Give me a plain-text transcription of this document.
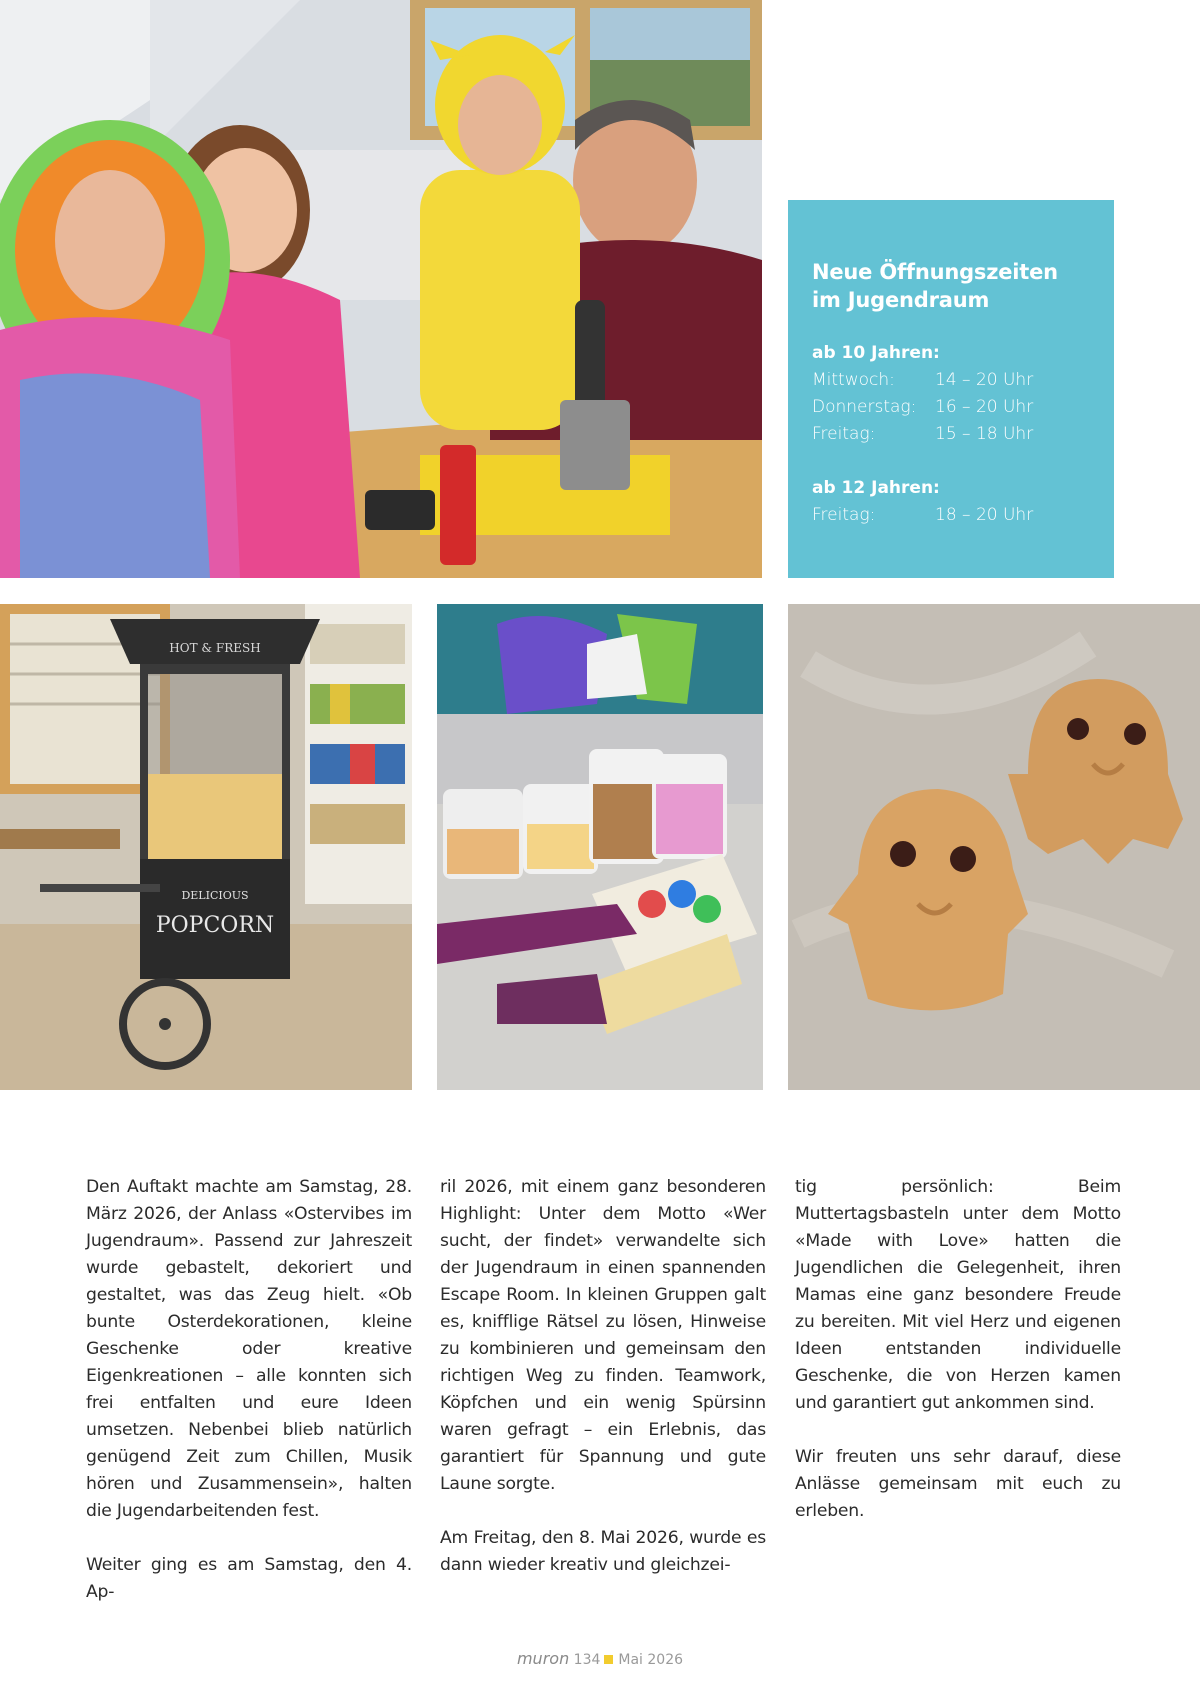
Neue Öffnungszeiten
im Jugendraum

ab 10 Jahren:

Mittwoch:	14 – 20 Uhr
Donnerstag:	16 – 20 Uhr
Freitag:	15 – 18 Uhr

ab 12 Jahren:

Freitag:	18 – 20 Uhr
HOT & FRESH
DELICIOUS
POPCORN

Den Auftakt machte am Samstag, 28. März 2026, der Anlass «Ostervibes im Jugendraum». Passend zur Jahreszeit wurde gebastelt, dekoriert und gestaltet, was das Zeug hielt. «Ob bunte Osterdekorationen, kleine Geschenke oder kreative Eigenkreationen – alle konnten sich frei entfalten und eure Ideen umsetzen. Nebenbei blieb natürlich genügend Zeit zum Chillen, Musik hören und Zusammensein», halten die Jugendarbeitenden fest.

Weiter ging es am Samstag, den 4. Ap-

ril 2026, mit einem ganz besonderen Highlight: Unter dem Motto «Wer sucht, der findet» verwandelte sich der Jugendraum in einen spannenden Escape Room. In kleinen Gruppen galt es, knifflige Rätsel zu lösen, Hinweise zu kombinieren und gemeinsam den richtigen Weg zu finden. Teamwork, Köpfchen und ein wenig Spürsinn waren gefragt – ein Erlebnis, das garantiert für Spannung und gute Laune sorgte.

Am Freitag, den 8. Mai 2026, wurde es dann wieder kreativ und gleichzei-

tig persönlich: Beim Muttertagsbasteln unter dem Motto «Made with Love» hatten die Jugendlichen die Gelegenheit, ihren Mamas eine ganz besondere Freude zu bereiten. Mit viel Herz und eigenen Ideen entstanden individuelle Geschenke, die von Herzen kamen und garantiert gut ankommen sind.

Wir freuten uns sehr darauf, diese Anlässe gemeinsam mit euch zu erleben.

muron 134 Mai 2026
